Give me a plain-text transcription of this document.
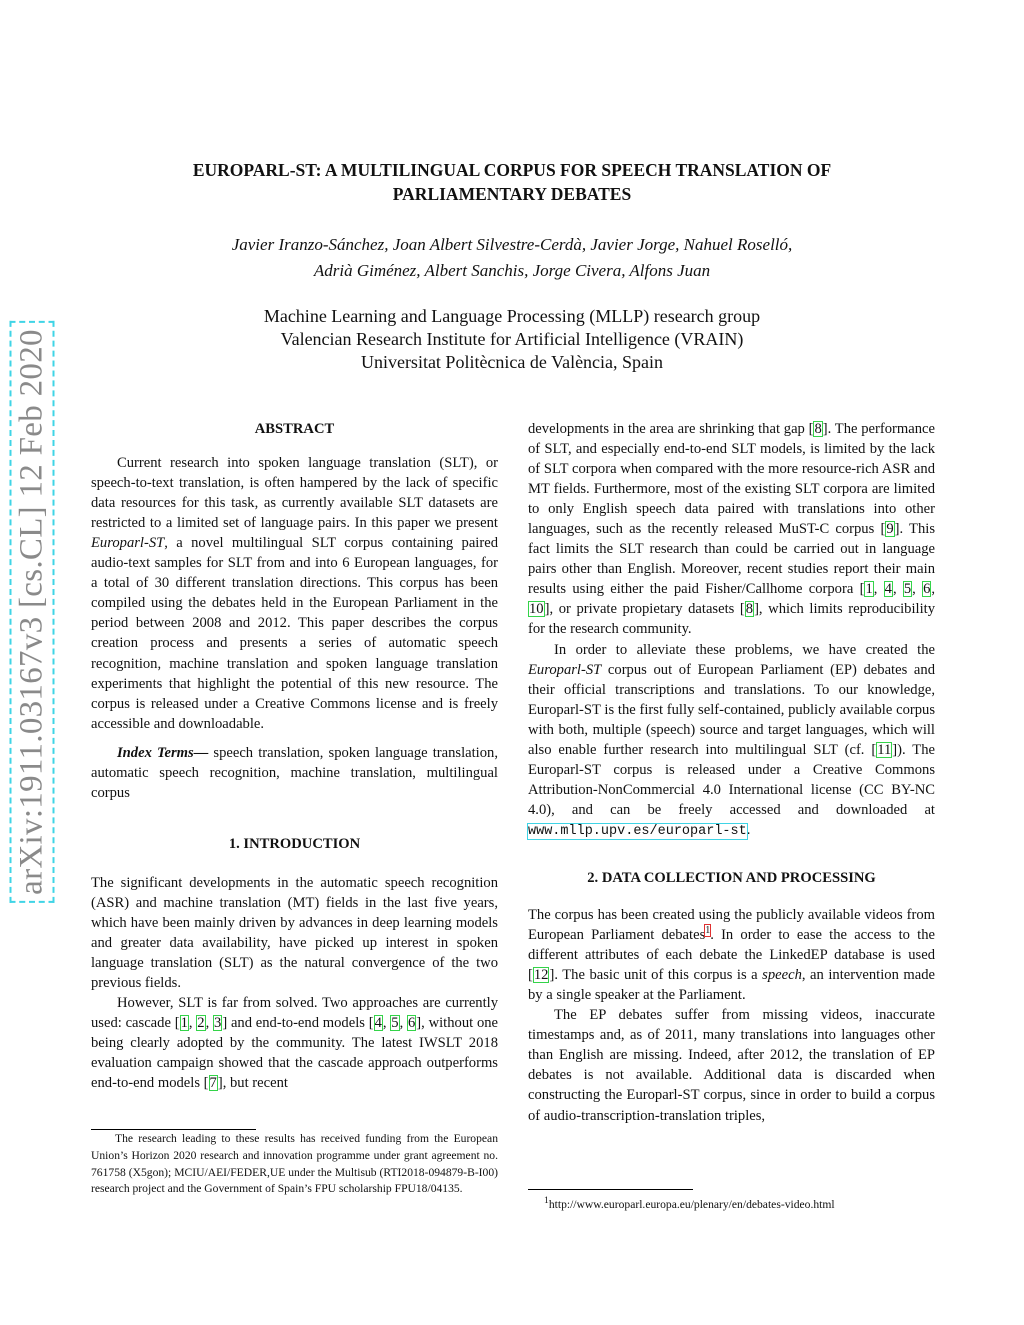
arXiv:1911.03167v3 [cs.CL] 12 Feb 2020
EUROPARL-ST: A MULTILINGUAL CORPUS FOR SPEECH TRANSLATION OF
PARLIAMENTARY DEBATES
Javier Iranzo-Sánchez, Joan Albert Silvestre-Cerdà, Javier Jorge, Nahuel Roselló,
Adrià Giménez, Albert Sanchis, Jorge Civera, Alfons Juan
Machine Learning and Language Processing (MLLP) research group
Valencian Research Institute for Artificial Intelligence (VRAIN)
Universitat Politècnica de València, Spain
ABSTRACT

Current research into spoken language translation (SLT), or speech-to-text translation, is often hampered by the lack of specific data resources for this task, as currently available SLT datasets are restricted to a limited set of language pairs. In this paper we present Europarl-ST, a novel multilingual SLT corpus containing paired audio-text samples for SLT from and into 6 European languages, for a total of 30 different translation directions. This corpus has been compiled using the debates held in the European Parliament in the period between 2008 and 2012. This paper describes the corpus creation process and presents a series of automatic speech recognition, machine translation and spoken language translation experiments that highlight the potential of this new resource. The corpus is released under a Creative Commons license and is freely accessible and downloadable.

Index Terms— speech translation, spoken language translation, automatic speech recognition, machine translation, multilingual corpus

1. INTRODUCTION

The significant developments in the automatic speech recognition (ASR) and machine translation (MT) fields in the last five years, which have been mainly driven by advances in deep learning models and greater data availability, have picked up interest in spoken language translation (SLT) as the natural convergence of the two previous fields.

However, SLT is far from solved. Two approaches are currently used: cascade [1, 2, 3] and end-to-end models [4, 5, 6], without one being clearly adopted by the community. The latest IWSLT 2018 evaluation campaign showed that the cascade approach outperforms end-to-end models [7], but recent

developments in the area are shrinking that gap [8]. The performance of SLT, and especially end-to-end SLT models, is limited by the lack of SLT corpora when compared with the more resource-rich ASR and MT fields. Furthermore, most of the existing SLT corpora are limited to only English speech data paired with translations into other languages, such as the recently released MuST-C corpus [9]. This fact limits the SLT research than could be carried out in language pairs other than English. Moreover, recent studies report their main results using either the paid Fisher/Callhome corpora [1, 4, 5, 6, 10], or private propietary datasets [8], which limits reproducibility for the research community.

In order to alleviate these problems, we have created the Europarl-ST corpus out of European Parliament (EP) debates and their official transcriptions and translations. To our knowledge, Europarl-ST is the first fully self-contained, publicly available corpus with both, multiple (speech) source and target languages, which will also enable further research into multilingual SLT (cf. [11]). The Europarl-ST corpus is released under a Creative Commons Attribution-NonCommercial 4.0 International license (CC BY-NC 4.0), and can be freely accessed and downloaded at www.mllp.upv.es/europarl-st.

2. DATA COLLECTION AND PROCESSING

The corpus has been created using the publicly available videos from European Parliament debates$^1$. In order to ease the access to the different attributes of each debate the LinkedEP database is used [12]. The basic unit of this corpus is a speech, an intervention made by a single speaker at the Parliament.

The EP debates suffer from missing videos, inaccurate timestamps and, as of 2011, many translations into languages other than English are missing. Indeed, after 2012, the translation of EP debates is not available. Additional data is discarded when constructing the Europarl-ST corpus, since in order to build a corpus of audio-transcription-translation triples,

The research leading to these results has received funding from the European Union’s Horizon 2020 research and innovation programme under grant agreement no. 761758 (X5gon); MCIU/AEI/FEDER,UE under the Multisub (RTI2018-094879-B-I00) research project and the Government of Spain’s FPU scholarship FPU18/04135.
$^1$http://www.europarl.europa.eu/plenary/en/debates-video.html
